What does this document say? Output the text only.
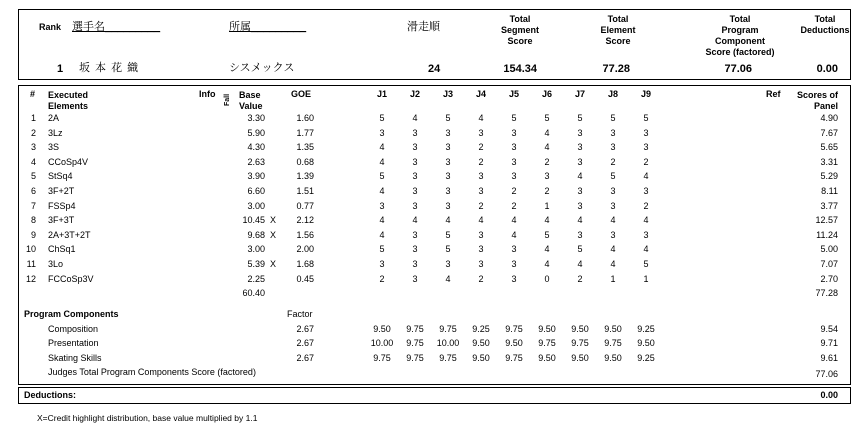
Rank 選手名_________	所属_________	滑走順
Total
Segment
Score
Total
Element
Score
Total
Program
Component
Score (factored)
Total
Deductions
1 坂 本 花 織	シスメックス	24	154.34	77.28	77.06	0.00
# Executed
Elements
Info Fall Base
Value
GOE	J1	J2	J3	J4	J5	J6	J7	J8	J9	Ref	Scores of
Panel
1 2A	3.30	1.60	5	4	5	4	5	5	5	5	5	4.90
2 3Lz	5.90	1.77	3	3	3	3	3	4	3	3	3	7.67
3 3S	4.30	1.35	4	3	3	2	3	4	3	3	3	5.65
4 CCoSp4V	2.63	0.68	4	3	3	2	3	2	3	2	2	3.31
5 StSq4	3.90	1.39	5	3	3	3	3	3	4	5	4	5.29
6 3F+2T	6.60	1.51	4	3	3	3	2	2	3	3	3	8.11
7 FSSp4	3.00	0.77	3	3	3	2	2	1	3	3	2	3.77
8 3F+3T	10.45 X	2.12	4	4	4	4	4	4	4	4	4	12.57
9 2A+3T+2T	9.68 X	1.56	4	3	5	3	4	5	3	3	3	11.24
10 ChSq1	3.00	2.00	5	3	5	3	3	4	5	4	4	5.00
11 3Lo	5.39 X	1.68	3	3	3	3	3	4	4	4	5	7.07
12 FCCoSp3V	2.25	0.45	2	3	4	2	3	0	2	1	1	2.70
60.40	77.28
Program Components	Factor
Composition	2.67	9.50	9.75	9.75	9.25	9.75	9.50	9.50	9.50	9.25	9.54
Presentation	2.67	10.00	9.75	10.00	9.50	9.50	9.75	9.75	9.75	9.50	9.71
Skating Skills	2.67	9.75	9.75	9.75	9.50	9.75	9.50	9.50	9.50	9.25	9.61
Judges Total Program Components Score (factored)	77.06
Deductions:	0.00
X=Credit highlight distribution, base value multiplied by 1.1
